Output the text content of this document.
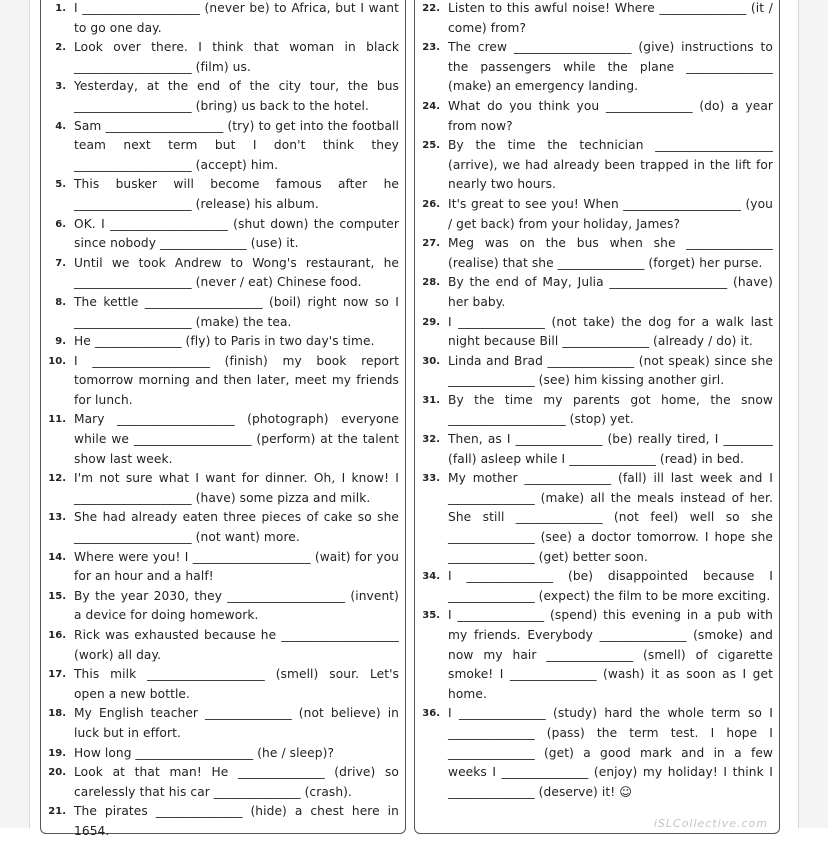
1. I ___________________ (never be) to Africa, but I want to go one day.
2. Look over there. I think that woman in black ___________________ (film) us.
3. Yesterday, at the end of the city tour, the bus ___________________ (bring) us back to the hotel.
4. Sam ___________________ (try) to get into the football team next term but I don't think they ___________________ (accept) him.
5. This busker will become famous after he ___________________ (release) his album.
6. OK. I ___________________ (shut down) the computer since nobody ______________ (use) it.
7. Until we took Andrew to Wong's restaurant, he ___________________ (never / eat) Chinese food.
8. The kettle ___________________ (boil) right now so I ___________________ (make) the tea.
9. He ______________ (fly) to Paris in two day's time.
10. I ___________________ (finish) my book report tomorrow morning and then later, meet my friends for lunch.
11. Mary ___________________ (photograph) everyone while we ___________________ (perform) at the talent show last week.
12. I'm not sure what I want for dinner. Oh, I know! I ___________________ (have) some pizza and milk.
13. She had already eaten three pieces of cake so she ___________________ (not want) more.
14. Where were you! I ___________________ (wait) for you for an hour and a half!
15. By the year 2030, they ___________________ (invent) a device for doing homework.
16. Rick was exhausted because he ___________________ (work) all day.
17. This milk ___________________ (smell) sour. Let's open a new bottle.
18. My English teacher ______________ (not believe) in luck but in effort.
19. How long ___________________ (he / sleep)?
20. Look at that man! He ______________ (drive) so carelessly that his car ______________ (crash).
21. The pirates ______________ (hide) a chest here in 1654.
22. Listen to this awful noise! Where ______________ (it / come) from?
23. The crew ___________________ (give) instructions to the passengers while the plane ______________ (make) an emergency landing.
24. What do you think you ______________ (do) a year from now?
25. By the time the technician ___________________ (arrive), we had already been trapped in the lift for nearly two hours.
26. It's great to see you! When ___________________ (you / get back) from your holiday, James?
27. Meg was on the bus when she ______________ (realise) that she ______________ (forget) her purse.
28. By the end of May, Julia ___________________ (have) her baby.
29. I ______________ (not take) the dog for a walk last night because Bill ______________ (already / do) it.
30. Linda and Brad ______________ (not speak) since she ______________ (see) him kissing another girl.
31. By the time my parents got home, the snow ___________________ (stop) yet.
32. Then, as I ______________ (be) really tired, I ________ (fall) asleep while I ______________ (read) in bed.
33. My mother ______________ (fall) ill last week and I ______________ (make) all the meals instead of her. She still ______________ (not feel) well so she ______________ (see) a doctor tomorrow. I hope she ______________ (get) better soon.
34. I ______________ (be) disappointed because I ______________ (expect) the film to be more exciting.
35. I ______________ (spend) this evening in a pub with my friends. Everybody ______________ (smoke) and now my hair ______________ (smell) of cigarette smoke! I ______________ (wash) it as soon as I get home.
36. I ______________ (study) hard the whole term so I ______________ (pass) the term test. I hope I ______________ (get) a good mark and in a few weeks I ______________ (enjoy) my holiday! I think I ______________ (deserve) it! ☺
iSLCollective.com
